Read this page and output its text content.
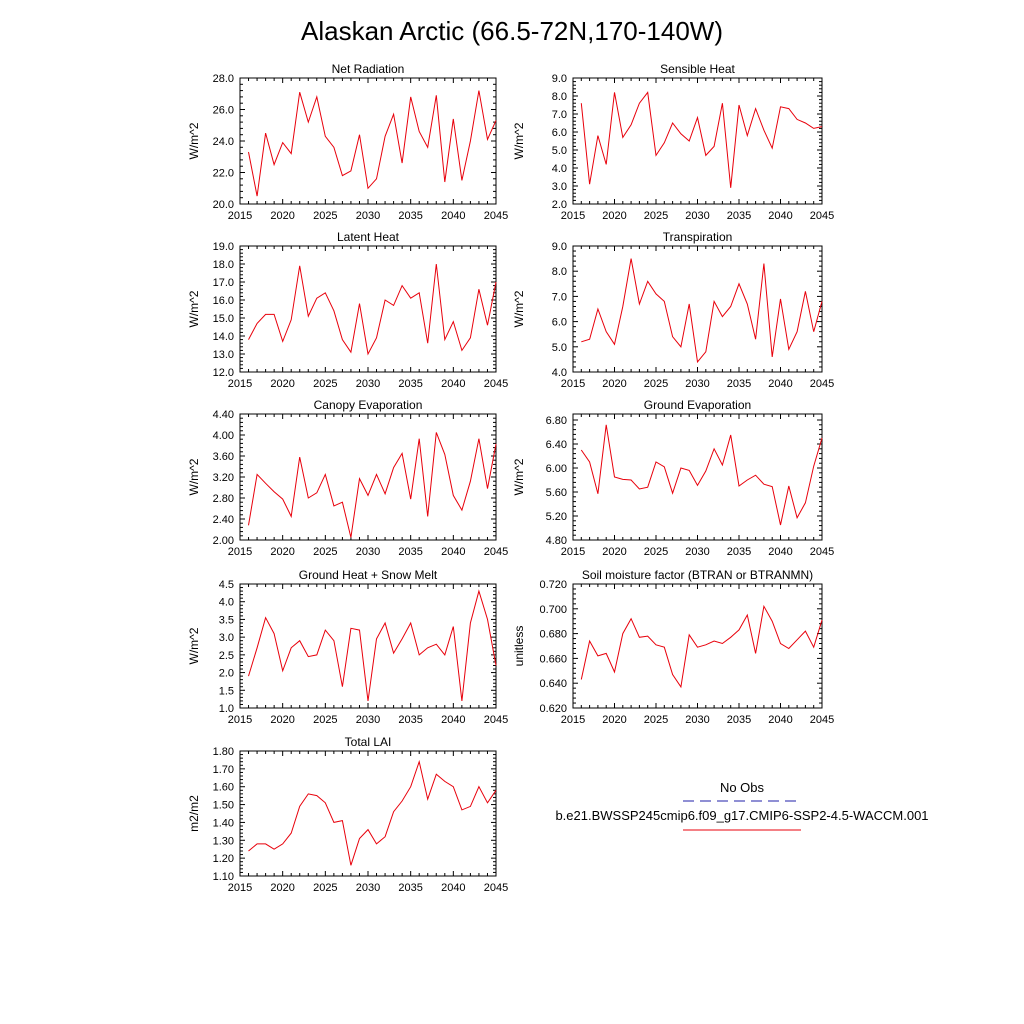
Alaskan Arctic (66.5-72N,170-140W)
Net Radiation
W/m^2
2015 2020 2025 2030 2035 2040 2045
20.0
22.0
24.0
26.0
28.0
Sensible Heat
W/m^2
2015 2020 2025 2030 2035 2040 2045
2.0
3.0
4.0
5.0
6.0
7.0
8.0
9.0
Latent Heat
W/m^2
2015 2020 2025 2030 2035 2040 2045
12.0
13.0
14.0
15.0
16.0
17.0
18.0
19.0
Transpiration
W/m^2
2015 2020 2025 2030 2035 2040 2045
4.0
5.0
6.0
7.0
8.0
9.0
Canopy Evaporation
W/m^2
2015 2020 2025 2030 2035 2040 2045
2.00
2.40
2.80
3.20
3.60
4.00
4.40
Ground Evaporation
W/m^2
2015 2020 2025 2030 2035 2040 2045
4.80
5.20
5.60
6.00
6.40
6.80
Ground Heat + Snow Melt
W/m^2
2015 2020 2025 2030 2035 2040 2045
1.0
1.5
2.0
2.5
3.0
3.5
4.0
4.5
Soil moisture factor (BTRAN or BTRANMN)
unitless
2015 2020 2025 2030 2035 2040 2045
0.620
0.640
0.660
0.680
0.700
0.720
Total LAI
m2/m2
2015 2020 2025 2030 2035 2040 2045
1.10
1.20
1.30
1.40
1.50
1.60
1.70
1.80
No Obs
b.e21.BWSSP245cmip6.f09_g17.CMIP6-SSP2-4.5-WACCM.001
